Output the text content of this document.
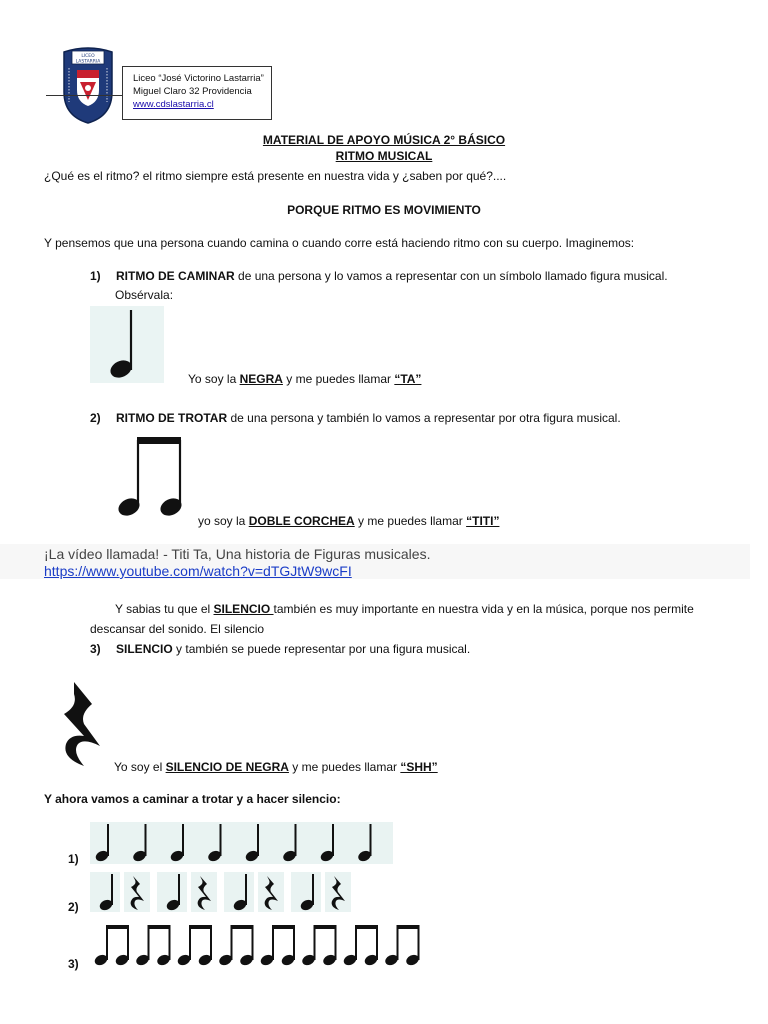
LICEO
LASTARRIA
Liceo “José Victorino Lastarria”
Miguel Claro 32 Providencia
www.cdslastarria.cl
MATERIAL DE APOYO MÚSICA 2° BÁSICO
RITMO MUSICAL
¿Qué es el ritmo? el ritmo siempre está presente en nuestra vida y ¿saben por qué?....
PORQUE RITMO ES MOVIMIENTO
Y pensemos que una persona cuando camina o cuando corre está haciendo ritmo con su cuerpo. Imaginemos:
1) RITMO DE CAMINAR de una persona y lo vamos a representar con un símbolo llamado figura musical.
Obsérvala:
Yo soy la NEGRA y me puedes llamar “TA”
2) RITMO DE TROTAR de una persona y también lo vamos a representar por otra figura musical.
yo soy la DOBLE CORCHEA y me puedes llamar “TITI”
¡La vídeo llamada! - Titi Ta, Una historia de Figuras musicales.
https://www.youtube.com/watch?v=dTGJtW9wcFI
Y sabias tu que el SILENCIO también es muy importante en nuestra vida y en la música, porque nos permite
descansar del sonido. El silencio
3) SILENCIO y también se puede representar por una figura musical.
Yo soy el SILENCIO DE NEGRA y me puedes llamar “SHH”
Y ahora vamos a caminar a trotar y a hacer silencio:
1)
2)
3)
